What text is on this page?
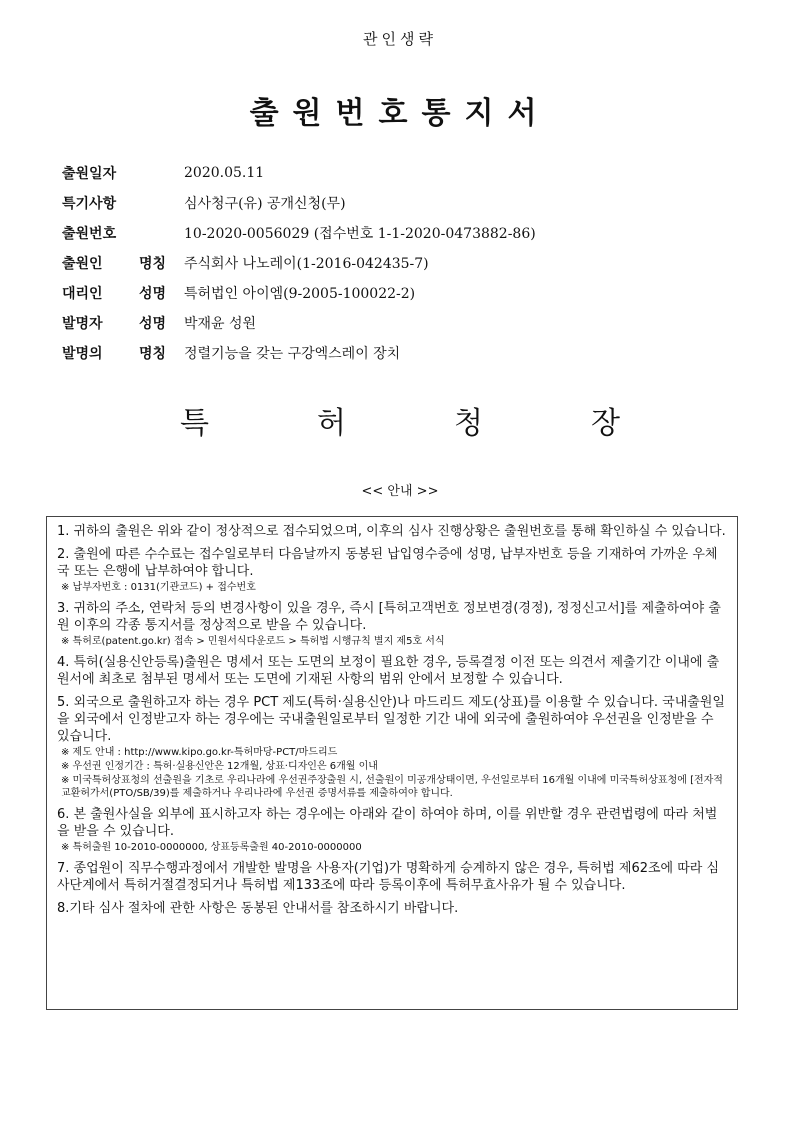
관인생략
출원번호통지서
출원일자	2020.05.11
특기사항	심사청구(유) 공개신청(무)
출원번호	10-2020-0056029 (접수번호 1-1-2020-0473882-86)
출원인 명칭 주식회사 나노레이(1-2016-042435-7)
대리인 성명 특허법인 아이엠(9-2005-100022-2)
발명자 성명 박재윤 성원
발명의 명칭 정렬기능을 갖는 구강엑스레이 장치
특	허	청	장
<< 안내 >>

1. 귀하의 출원은 위와 같이 정상적으로 접수되었으며, 이후의 심사 진행상황은 출원번호를 통해 확인하실 수 있습니다.

2. 출원에 따른 수수료는 접수일로부터 다음날까지 동봉된 납입영수증에 성명, 납부자번호 등을 기재하여 가까운 우체국 또는 은행에 납부하여야 합니다.

※ 납부자번호 : 0131(기관코드) + 접수번호

3. 귀하의 주소, 연락처 등의 변경사항이 있을 경우, 즉시 [특허고객번호 정보변경(경정), 정정신고서]를 제출하여야 출원 이후의 각종 통지서를 정상적으로 받을 수 있습니다.

※ 특허로(patent.go.kr) 접속 > 민원서식다운로드 > 특허법 시행규칙 별지 제5호 서식

4. 특허(실용신안등록)출원은 명세서 또는 도면의 보정이 필요한 경우, 등록결정 이전 또는 의견서 제출기간 이내에 출원서에 최초로 첨부된 명세서 또는 도면에 기재된 사항의 범위 안에서 보정할 수 있습니다.

5. 외국으로 출원하고자 하는 경우 PCT 제도(특허·실용신안)나 마드리드 제도(상표)를 이용할 수 있습니다. 국내출원일을 외국에서 인정받고자 하는 경우에는 국내출원일로부터 일정한 기간 내에 외국에 출원하여야 우선권을 인정받을 수 있습니다.

※ 제도 안내 : http://www.kipo.go.kr-특허마당-PCT/마드리드

※ 우선권 인정기간 : 특허·실용신안은 12개월, 상표·디자인은 6개월 이내

※ 미국특허상표청의 선출원을 기초로 우리나라에 우선권주장출원 시, 선출원이 미공개상태이면, 우선일로부터 16개월 이내에 미국특허상표청에 [전자적교환허가서(PTO/SB/39)를 제출하거나 우리나라에 우선권 증명서류를 제출하여야 합니다.

6. 본 출원사실을 외부에 표시하고자 하는 경우에는 아래와 같이 하여야 하며, 이를 위반할 경우 관련법령에 따라 처벌을 받을 수 있습니다.

※ 특허출원 10-2010-0000000, 상표등록출원 40-2010-0000000

7. 종업원이 직무수행과정에서 개발한 발명을 사용자(기업)가 명확하게 승계하지 않은 경우, 특허법 제62조에 따라 심사단계에서 특허거절결정되거나 특허법 제133조에 따라 등록이후에 특허무효사유가 될 수 있습니다.

8.기타 심사 절차에 관한 사항은 동봉된 안내서를 참조하시기 바랍니다.
